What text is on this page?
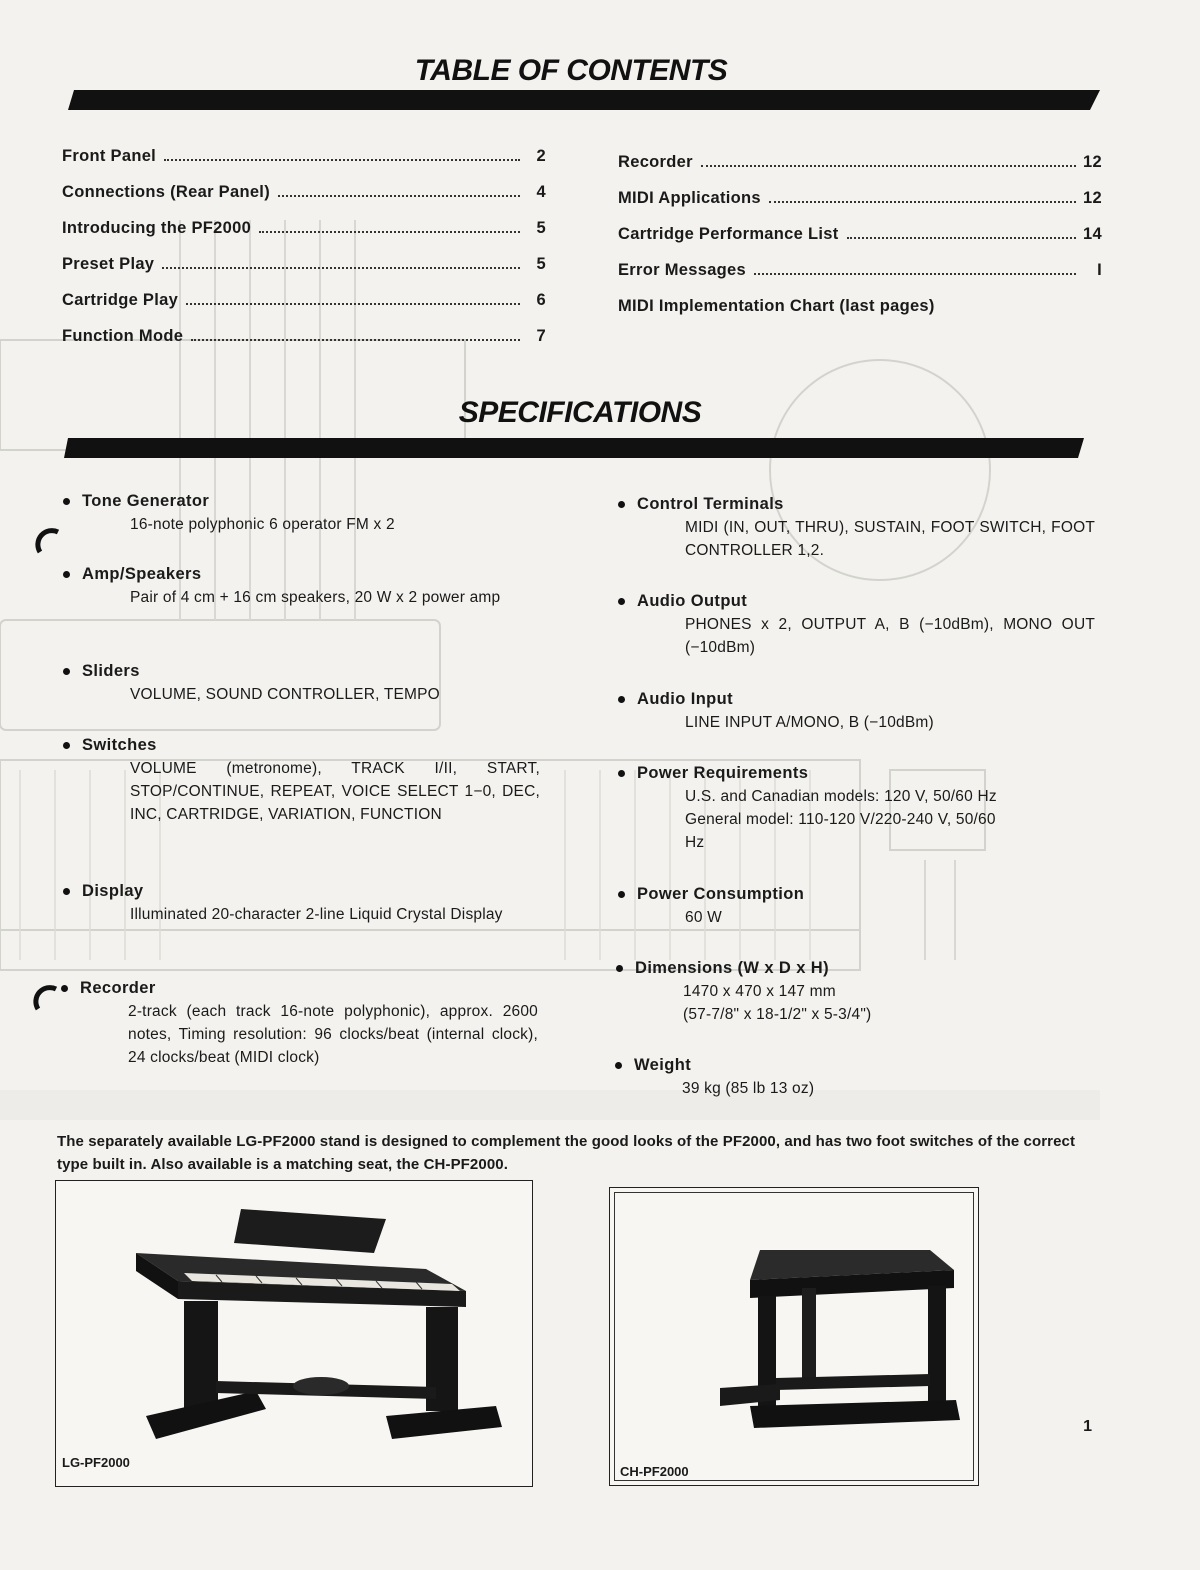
TABLE OF CONTENTS
Front Panel	2
Connections (Rear Panel)	4
Introducing the PF2000	5
Preset Play	5
Cartridge Play	6
Function Mode	7
Recorder	12
MIDI Applications	12
Cartridge Performance List	14
Error Messages	I
MIDI Implementation Chart (last pages)
SPECIFICATIONS
Tone Generator
16-note polyphonic 6 operator FM x 2
Amp/Speakers
Pair of 4 cm + 16 cm speakers, 20 W x 2 power amp
Sliders
VOLUME, SOUND CONTROLLER, TEMPO
Switches
VOLUME (metronome), TRACK I/II, START, STOP/CONTINUE, REPEAT, VOICE SELECT 1−0, DEC, INC, CARTRIDGE, VARIATION, FUNCTION
Display
Illuminated 20-character 2-line Liquid Crystal Display
Recorder
2-track (each track 16-note polyphonic), approx. 2600 notes, Timing resolution: 96 clocks/beat (internal clock), 24 clocks/beat (MIDI clock)
Control Terminals
MIDI (IN, OUT, THRU), SUSTAIN, FOOT SWITCH, FOOT CONTROLLER 1,2.
Audio Output
PHONES x 2, OUTPUT A, B (−10dBm), MONO OUT (−10dBm)
Audio Input
LINE INPUT A/MONO, B (−10dBm)
Power Requirements
U.S. and Canadian models: 120 V, 50/60 Hz
General model: 110-120 V/220-240 V, 50/60 Hz
Power Consumption
60 W
Dimensions (W x D x H)
1470 x 470 x 147 mm
(57-7/8" x 18-1/2" x 5-3/4")
Weight
39 kg (85 lb 13 oz)
The separately available LG-PF2000 stand is designed to complement the good looks of the PF2000, and has two foot switches of the correct type built in. Also available is a matching seat, the CH-PF2000.
LG-PF2000
CH-PF2000
1
